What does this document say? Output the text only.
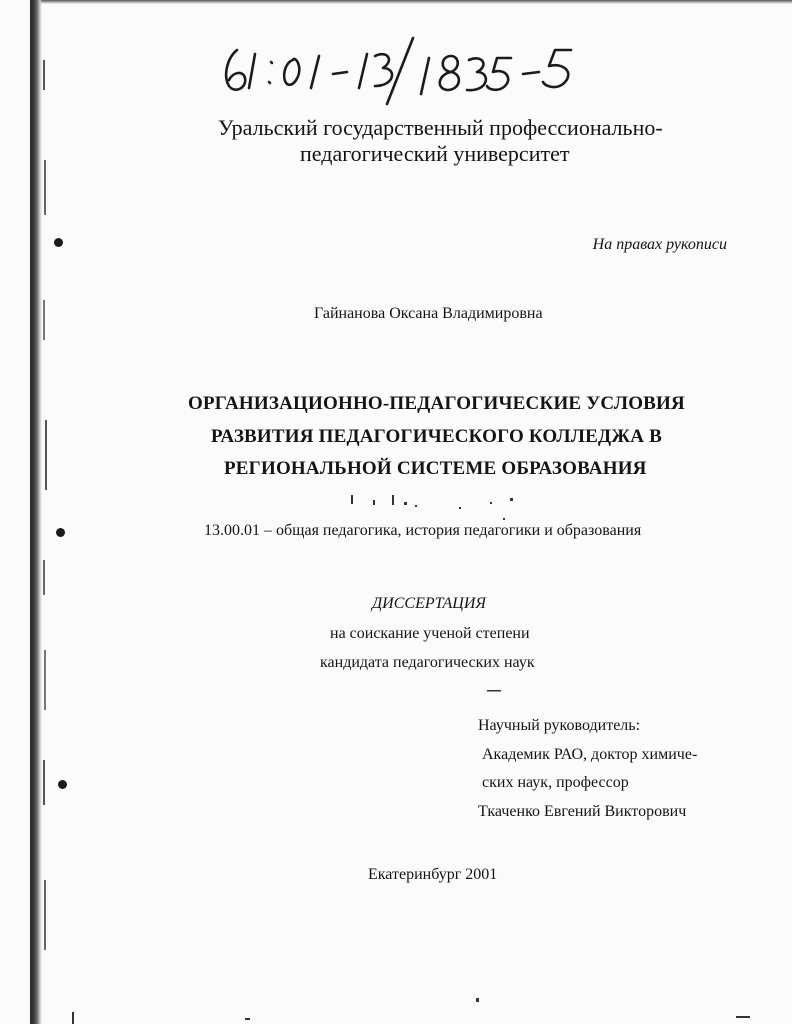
Уральский государственный профессионально-
педагогический университет
На правах рукописи
Гайнанова Оксана Владимировна
ОРГАНИЗАЦИОННО-ПЕДАГОГИЧЕСКИЕ УСЛОВИЯ
РАЗВИТИЯ ПЕДАГОГИЧЕСКОГО КОЛЛЕДЖА В
РЕГИОНАЛЬНОЙ СИСТЕМЕ ОБРАЗОВАНИЯ
13.00.01 – общая педагогика, история педагогики и образования
ДИССЕРТАЦИЯ
на соискание ученой степени
кандидата педагогических наук
Научный руководитель:
Академик РАО, доктор химиче-
ских наук, профессор
Ткаченко Евгений Викторович
Екатеринбург 2001
